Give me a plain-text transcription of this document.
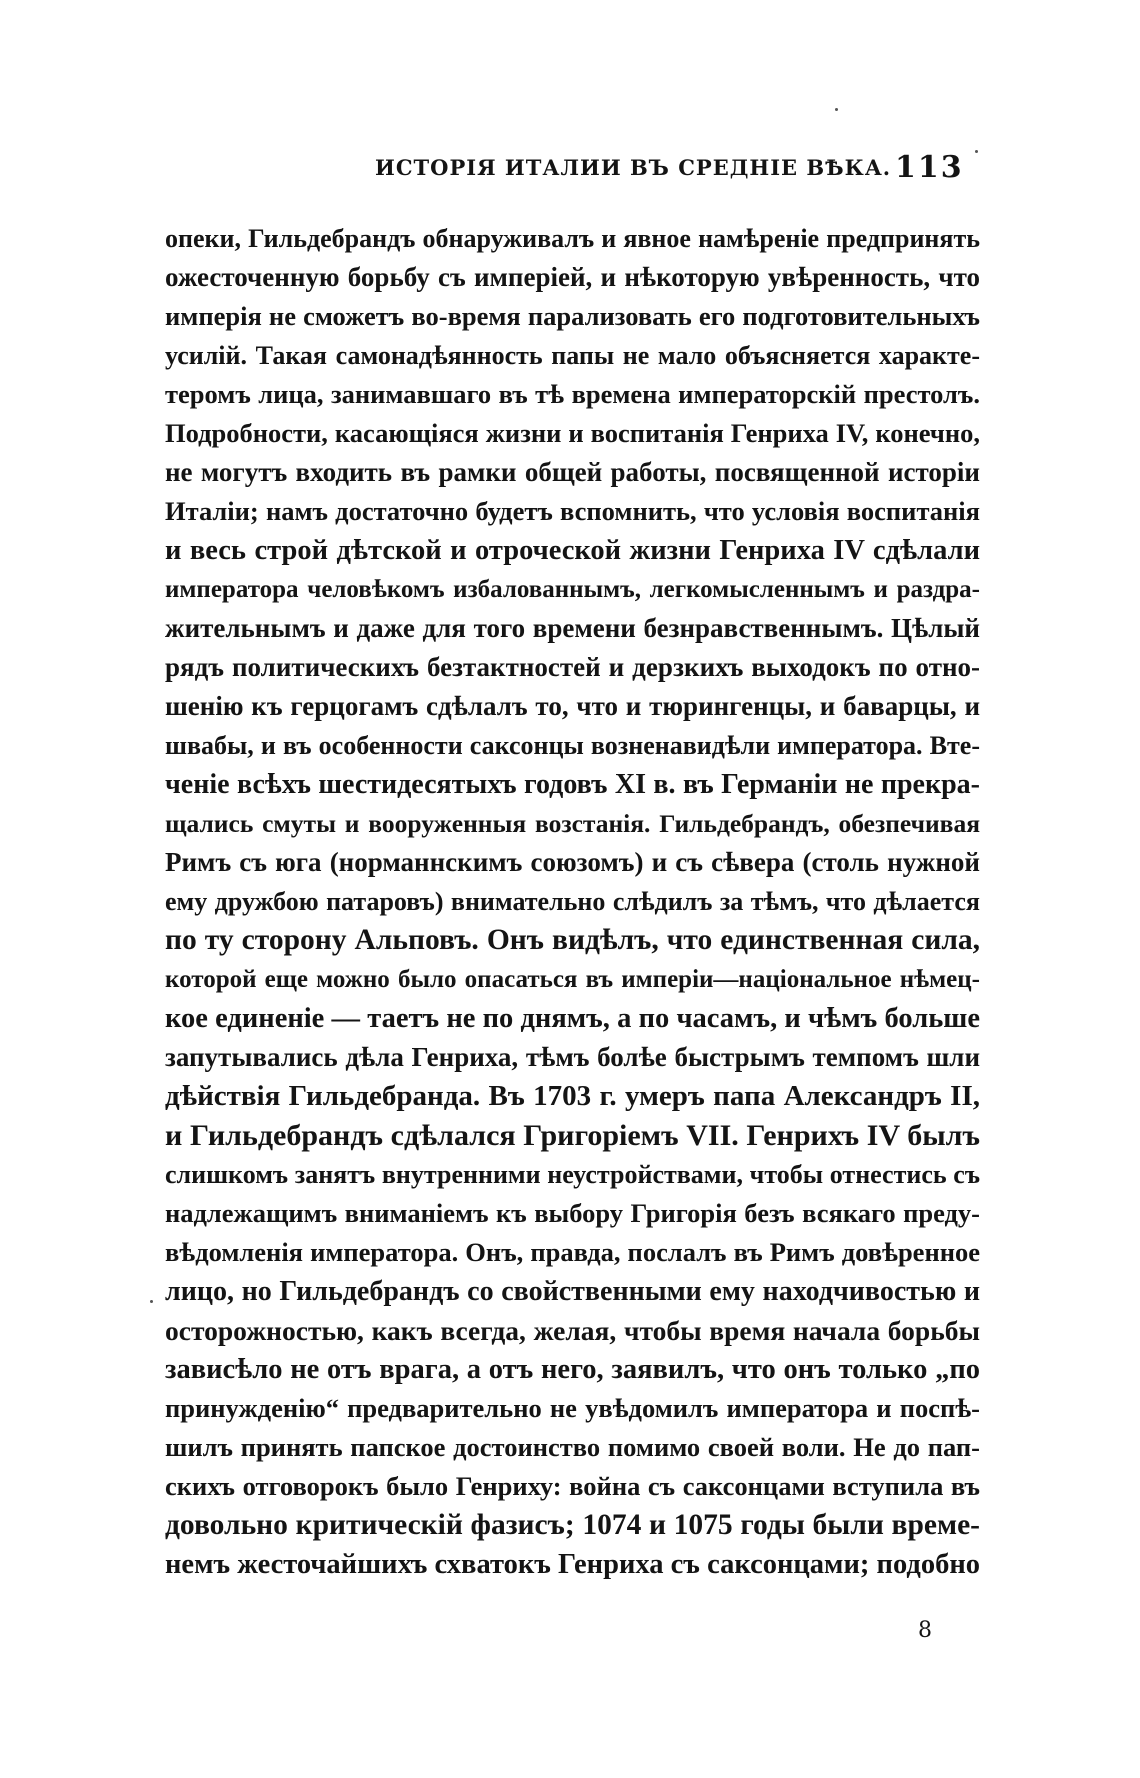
ИСТОРІЯ ИТАЛИИ ВЪ СРЕДНІЕ ВѢКА. 113
опеки, Гильдебрандъ обнаруживалъ и явное намѣреніе предпринять
ожесточенную борьбу съ имперіей, и нѣкоторую увѣренность, что
имперія не сможетъ во-время парализовать его подготовительныхъ
усилій. Такая самонадѣянность папы не мало объясняется характе-
теромъ лица, занимавшаго въ тѣ времена императорскій престолъ.
Подробности, касающіяся жизни и воспитанія Генриха IV, конечно,
не могутъ входить въ рамки общей работы, посвященной исторіи
Италіи; намъ достаточно будетъ вспомнить, что условія воспитанія
и весь строй дѣтской и отроческой жизни Генриха IV сдѣлали
императора человѣкомъ избалованнымъ, легкомысленнымъ и раздра-
жительнымъ и даже для того времени безнравственнымъ. Цѣлый
рядъ политическихъ безтактностей и дерзкихъ выходокъ по отно-
шенію къ герцогамъ сдѣлалъ то, что и тюрингенцы, и баварцы, и
швабы, и въ особенности саксонцы возненавидѣли императора. Вте-
ченіе всѣхъ шестидесятыхъ годовъ XI в. въ Германіи не прекра-
щались смуты и вооруженныя возстанія. Гильдебрандъ, обезпечивая
Римъ съ юга (норманнскимъ союзомъ) и съ сѣвера (столь нужной
ему дружбою патаровъ) внимательно слѣдилъ за тѣмъ, что дѣлается
по ту сторону Альповъ. Онъ видѣлъ, что единственная сила,
которой еще можно было опасаться въ имперіи—національное нѣмец-
кое единеніе — таетъ не по днямъ, а по часамъ, и чѣмъ больше
запутывались дѣла Генриха, тѣмъ болѣе быстрымъ темпомъ шли
дѣйствія Гильдебранда. Въ 1703 г. умеръ папа Александръ II,
и Гильдебрандъ сдѣлался Григоріемъ VII. Генрихъ IV былъ
слишкомъ занятъ внутренними неустройствами, чтобы отнестись съ
надлежащимъ вниманіемъ къ выбору Григорія безъ всякаго преду-
вѣдомленія императора. Онъ, правда, послалъ въ Римъ довѣренное
лицо, но Гильдебрандъ со свойственными ему находчивостью и
осторожностью, какъ всегда, желая, чтобы время начала борьбы
зависѣло не отъ врага, а отъ него, заявилъ, что онъ только „по
принужденію“ предварительно не увѣдомилъ императора и поспѣ-
шилъ принять папское достоинство помимо своей воли. Не до пап-
скихъ отговорокъ было Генриху: война съ саксонцами вступила въ
довольно критическій фазисъ; 1074 и 1075 годы были време-
немъ жесточайшихъ схватокъ Генриха съ саксонцами; подобно
8
